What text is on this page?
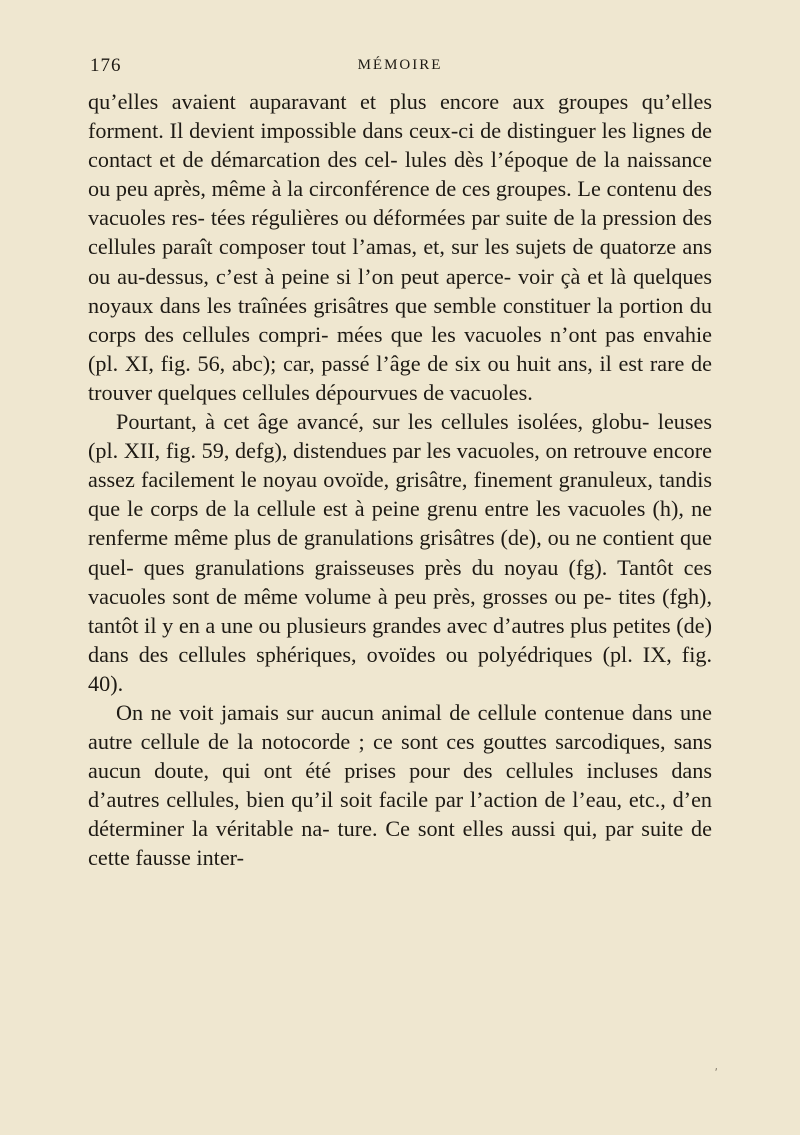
176	MÉMOIRE

qu’elles avaient auparavant et plus encore aux groupes qu’elles forment. Il devient impossible dans ceux-ci de distinguer les lignes de contact et de démarcation des cel- lules dès l’époque de la naissance ou peu après, même à la circonférence de ces groupes. Le contenu des vacuoles res- tées régulières ou déformées par suite de la pression des cellules paraît composer tout l’amas, et, sur les sujets de quatorze ans ou au-dessus, c’est à peine si l’on peut aperce- voir çà et là quelques noyaux dans les traînées grisâtres que semble constituer la portion du corps des cellules compri- mées que les vacuoles n’ont pas envahie (pl. XI, fig. 56, abc); car, passé l’âge de six ou huit ans, il est rare de trouver quelques cellules dépourvues de vacuoles.

Pourtant, à cet âge avancé, sur les cellules isolées, globu- leuses (pl. XII, fig. 59, defg), distendues par les vacuoles, on retrouve encore assez facilement le noyau ovoïde, grisâtre, finement granuleux, tandis que le corps de la cellule est à peine grenu entre les vacuoles (h), ne renferme même plus de granulations grisâtres (de), ou ne contient que quel- ques granulations graisseuses près du noyau (fg). Tantôt ces vacuoles sont de même volume à peu près, grosses ou pe- tites (fgh), tantôt il y en a une ou plusieurs grandes avec d’autres plus petites (de) dans des cellules sphériques, ovoïdes ou polyédriques (pl. IX, fig. 40).

On ne voit jamais sur aucun animal de cellule contenue dans une autre cellule de la notocorde ; ce sont ces gouttes sarcodiques, sans aucun doute, qui ont été prises pour des cellules incluses dans d’autres cellules, bien qu’il soit facile par l’action de l’eau, etc., d’en déterminer la véritable na- ture. Ce sont elles aussi qui, par suite de cette fausse inter-

ʹ
